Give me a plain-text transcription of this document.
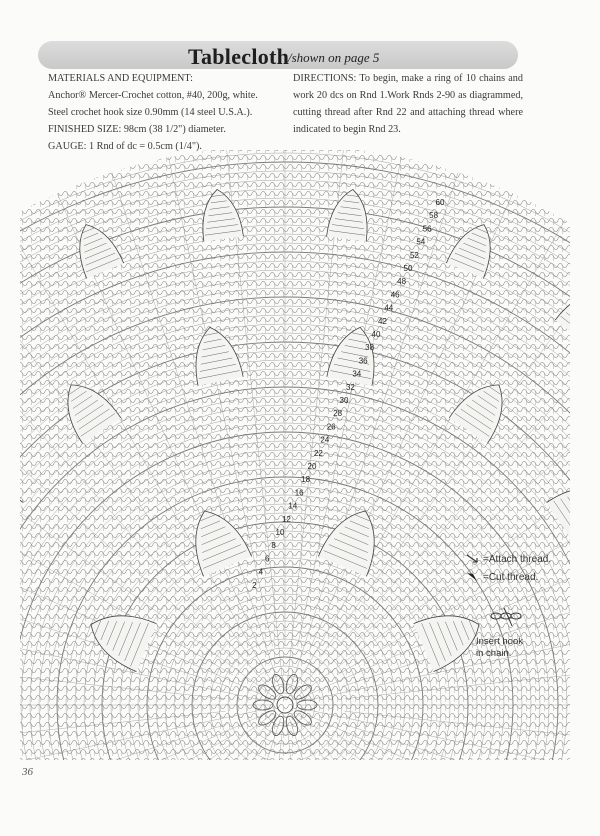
Tablecloth
/shown on page 5

MATERIALS AND EQUIPMENT:

Anchor® Mercer-Crochet cotton, #40, 200g, white.

Steel crochet hook size 0.90mm (14 steel U.S.A.).

FINISHED SIZE: 98cm (38 1/2") diameter.

GAUGE: 1 Rnd of dc = 0.5cm (1/4").

DIRECTIONS: To begin, make a ring of 10 chains and work 20 dcs on Rnd 1.Work Rnds 2-90 as diagrammed, cutting thread after Rnd 22 and attaching thread where indicated to begin Rnd 23.

60
58
56
54
52
50
48
46
44
42
40
38
36
34
32
30
28
26
24
22
20
18
16
14
12
10
8
6
4
2
=Attach thread.
=Cut thread.
Insert hook
in chain.
36
